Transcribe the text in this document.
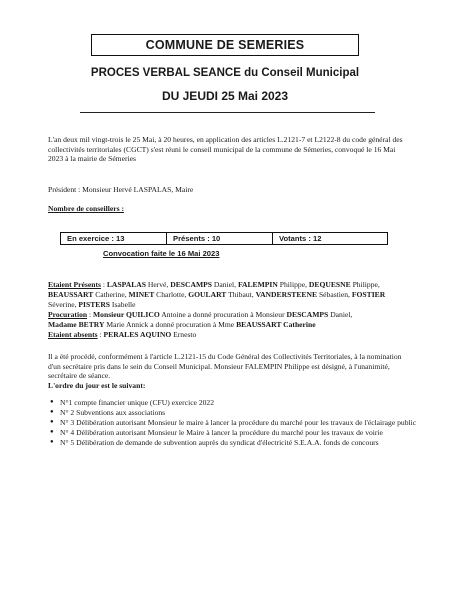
COMMUNE DE SEMERIES
PROCES VERBAL SEANCE du Conseil Municipal
DU JEUDI 25 Mai 2023
L'an deux mil vingt-trois le 25 Mai, à 20 heures, en application des articles L.2121-7 et L2122-8 du code général des collectivités territoriales (CGCT) s'est réuni le conseil municipal de la commune de Sémeries, convoqué le 16 Mai 2023 à la mairie de Sémeries
Président : Monsieur Hervé LASPALAS, Maire
Nombre de conseillers :
En exercice : 13	Présents : 10	Votants : 12
Convocation faite le 16 Mai 2023
Etaient Présents : LASPALAS Hervé, DESCAMPS Daniel, FALEMPIN Philippe, DEQUESNE Philippe, BEAUSSART Catherine, MINET Charlotte, GOULART Thibaut, VANDERSTEENE Sébastien, FOSTIER Séverine, PISTERS Isabelle
Procuration : Monsieur QUILICO Antoine a donné procuration à Monsieur DESCAMPS Daniel,
Madame BETRY Marie Annick a donné procuration à Mme BEAUSSART Catherine
Etaient absents : PERALES AQUINO Ernesto
Il a été procédé, conformément à l'article L.2121-15 du Code Général des Collectivités Territoriales, à la nomination d'un secrétaire pris dans le sein du Conseil Municipal. Monsieur FALEMPIN Philippe est désigné, à l'unanimité, secrétaire de séance.
L'ordre du jour est le suivant:
● N°1 compte financier unique (CFU) exercice 2022
● N° 2 Subventions aux associations
● N° 3 Délibération autorisant Monsieur le maire à lancer la procédure du marché pour les travaux de l'éclairage public
● N° 4 Délibération autorisant Monsieur le Maire à lancer la procédure du marché pour les travaux de voirie
● N° 5 Délibération de demande de subvention auprès du syndicat d'électricité S.E.A.A. fonds de concours
